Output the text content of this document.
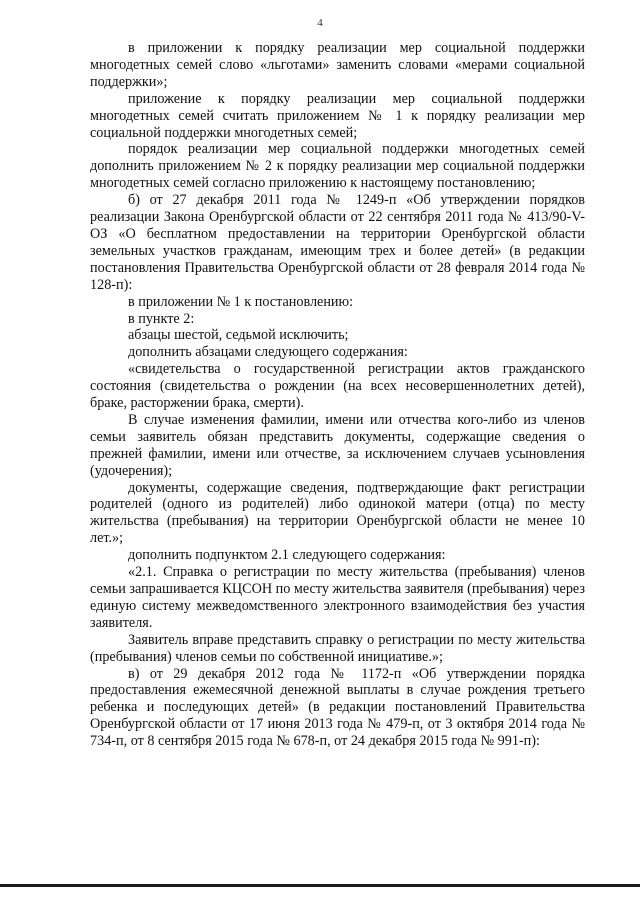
4

в приложении к порядку реализации мер социальной поддержки многодетных семей слово «льготами» заменить словами «мерами социальной поддержки»;

приложение к порядку реализации мер социальной поддержки многодетных семей считать приложением № 1 к порядку реализации мер социальной поддержки многодетных семей;

порядок реализации мер социальной поддержки многодетных семей дополнить приложением № 2 к порядку реализации мер социальной поддержки многодетных семей согласно приложению к настоящему постановлению;

б) от 27 декабря 2011 года № 1249-п «Об утверждении порядков реализации Закона Оренбургской области от 22 сентября 2011 года № 413/90-V-ОЗ «О бесплатном предоставлении на территории Оренбургской области земельных участков гражданам, имеющим трех и более детей» (в редакции постановления Правительства Оренбургской области от 28 февраля 2014 года № 128-п):

в приложении № 1 к постановлению:

в пункте 2:

абзацы шестой, седьмой исключить;

дополнить абзацами следующего содержания:

«свидетельства о государственной регистрации актов гражданского состояния (свидетельства о рождении (на всех несовершеннолетних детей), браке, расторжении брака, смерти).

В случае изменения фамилии, имени или отчества кого-либо из членов семьи заявитель обязан представить документы, содержащие сведения о прежней фамилии, имени или отчестве, за исключением случаев усыновления (удочерения);

документы, содержащие сведения, подтверждающие факт регистрации родителей (одного из родителей) либо одинокой матери (отца) по месту жительства (пребывания) на территории Оренбургской области не менее 10 лет.»;

дополнить подпунктом 2.1 следующего содержания:

«2.1. Справка о регистрации по месту жительства (пребывания) членов семьи запрашивается КЦСОН по месту жительства заявителя (пребывания) через единую систему межведомственного электронного взаимодействия без участия заявителя.

Заявитель вправе представить справку о регистрации по месту жительства (пребывания) членов семьи по собственной инициативе.»;

в) от 29 декабря 2012 года № 1172-п «Об утверждении порядка предоставления ежемесячной денежной выплаты в случае рождения третьего ребенка и последующих детей» (в редакции постановлений Правительства Оренбургской области от 17 июня 2013 года № 479-п, от 3 октября 2014 года № 734-п, от 8 сентября 2015 года № 678-п, от 24 декабря 2015 года № 991-п):
